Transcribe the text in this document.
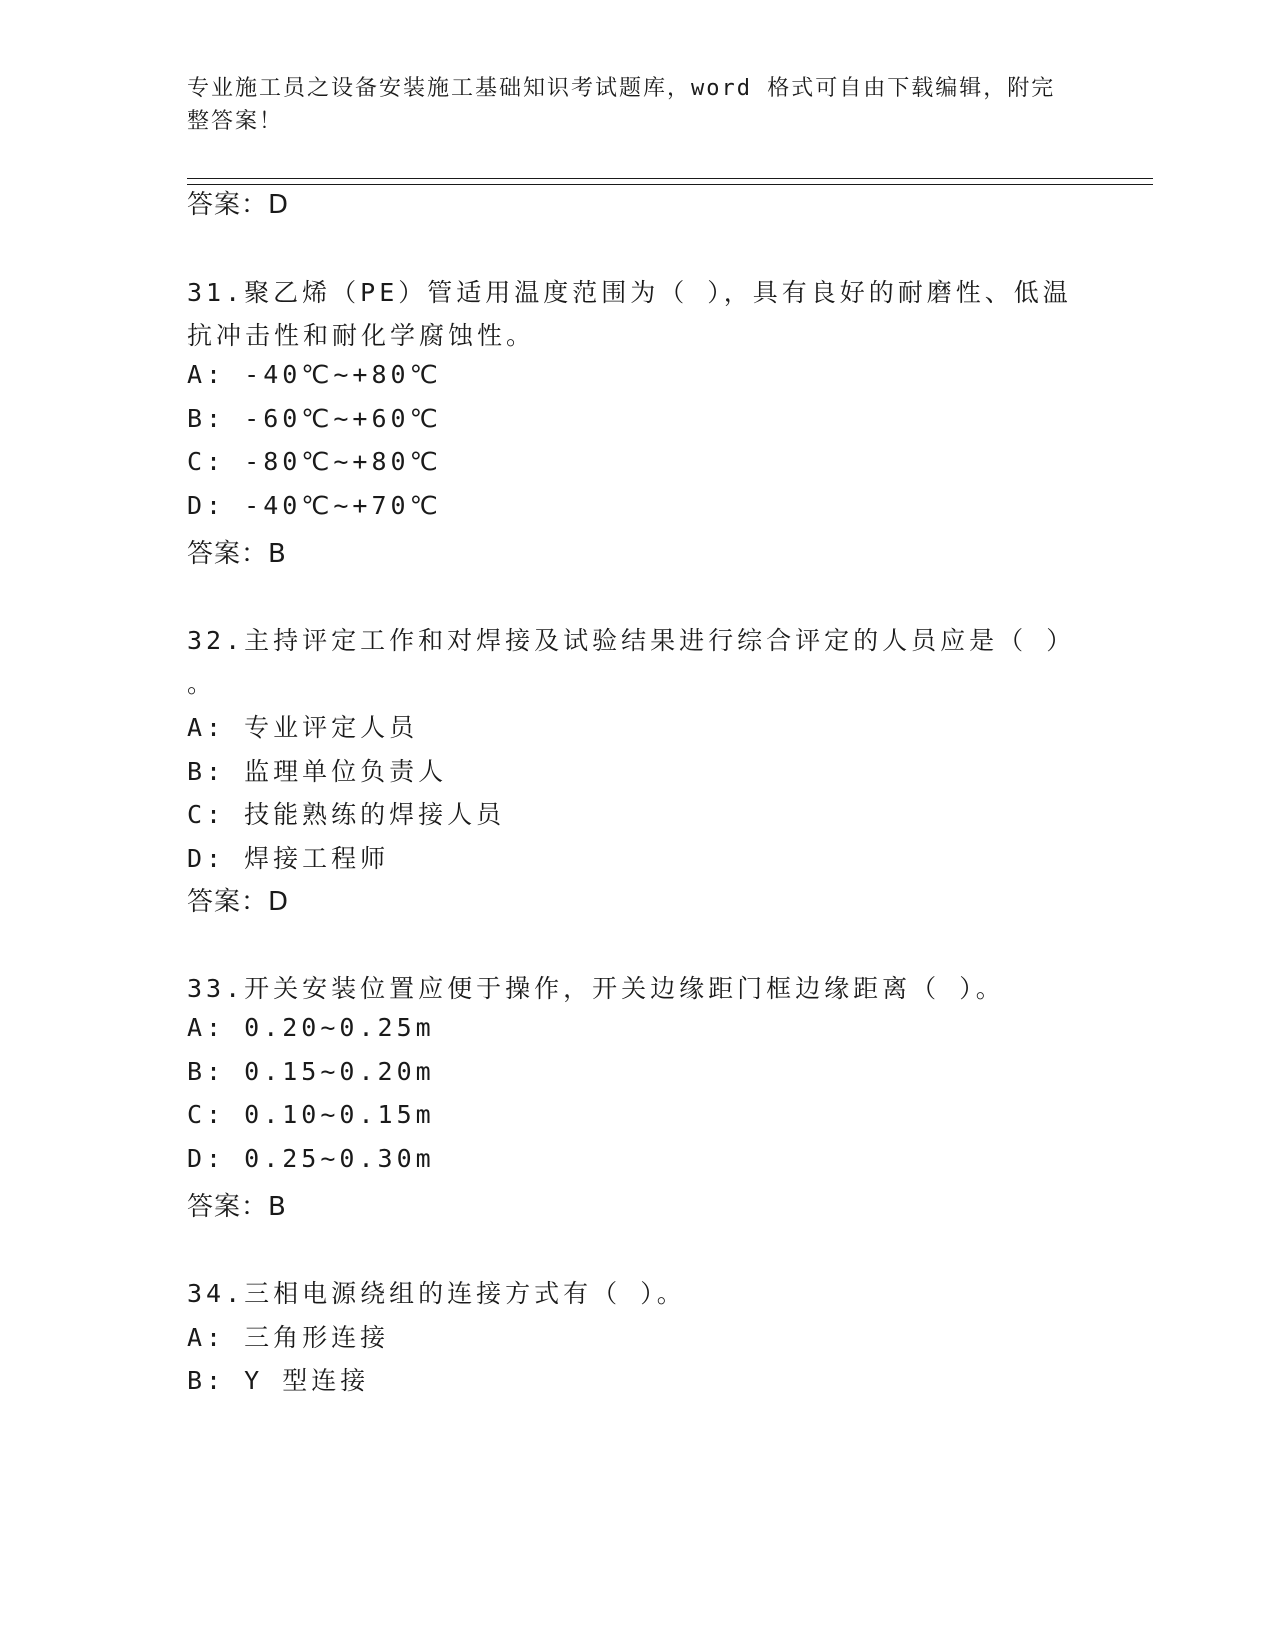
专业施工员之设备安装施工基础知识考试题库，word 格式可自由下载编辑，附完
整答案！
答案：D
31.聚乙烯（PE）管适用温度范围为（ ），具有良好的耐磨性、低温
抗冲击性和耐化学腐蚀性。
A: -40℃~+80℃
B: -60℃~+60℃
C: -80℃~+80℃
D: -40℃~+70℃
答案：B
32.主持评定工作和对焊接及试验结果进行综合评定的人员应是（ ）
。
A: 专业评定人员
B: 监理单位负责人
C: 技能熟练的焊接人员
D: 焊接工程师
答案：D
33.开关安装位置应便于操作，开关边缘距门框边缘距离（ ）。
A: 0.20~0.25m
B: 0.15~0.20m
C: 0.10~0.15m
D: 0.25~0.30m
答案：B
34.三相电源绕组的连接方式有（ ）。
A: 三角形连接
B: Y 型连接
